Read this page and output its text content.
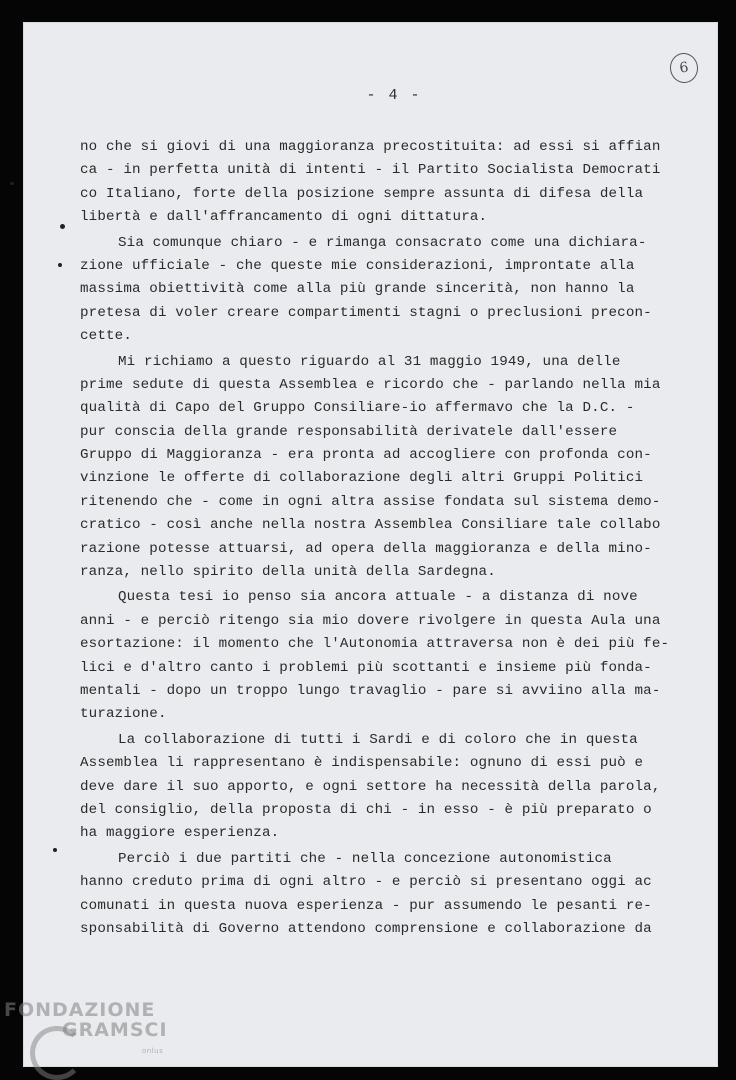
6
- 4 -
no che si giovi di una maggioranza precostituita: ad essi si affian
ca - in perfetta unità di intenti - il Partito Socialista Democrati
co Italiano, forte della posizione sempre assunta di difesa della
libertà e dall'affrancamento di ogni dittatura.
Sia comunque chiaro - e rimanga consacrato come una dichiara-
zione ufficiale - che queste mie considerazioni, improntate alla
massima obiettività come alla più grande sincerità, non hanno la
pretesa di voler creare compartimenti stagni o preclusioni precon-
cette.
Mi richiamo a questo riguardo al 31 maggio 1949, una delle
prime sedute di questa Assemblea e ricordo che - parlando nella mia
qualità di Capo del Gruppo Consiliare-io affermavo che la D.C. -
pur conscia della grande responsabilità derivatele dall'essere
Gruppo di Maggioranza - era pronta ad accogliere con profonda con-
vinzione le offerte di collaborazione degli altri Gruppi Politici
ritenendo che - come in ogni altra assise fondata sul sistema demo-
cratico - così anche nella nostra Assemblea Consiliare tale collabo
razione potesse attuarsi, ad opera della maggioranza e della mino-
ranza, nello spirito della unità della Sardegna.
Questa tesi io penso sia ancora attuale - a distanza di nove
anni - e perciò ritengo sia mio dovere rivolgere in questa Aula una
esortazione: il momento che l'Autonomia attraversa non è dei più fe-
lici e d'altro canto i problemi più scottanti e insieme più fonda-
mentali - dopo un troppo lungo travaglio - pare si avviino alla ma-
turazione.
La collaborazione di tutti i Sardi e di coloro che in questa
Assemblea li rappresentano è indispensabile: ognuno di essi può e
deve dare il suo apporto, e ogni settore ha necessità della parola,
del consiglio, della proposta di chi - in esso - è più preparato o
ha maggiore esperienza.
Perciò i due partiti che - nella concezione autonomistica
hanno creduto prima di ogni altro - e perciò si presentano oggi ac
comunati in questa nuova esperienza - pur assumendo le pesanti re-
sponsabilità di Governo attendono comprensione e collaborazione da
FONDAZIONE
GRAMSCI
onlus
